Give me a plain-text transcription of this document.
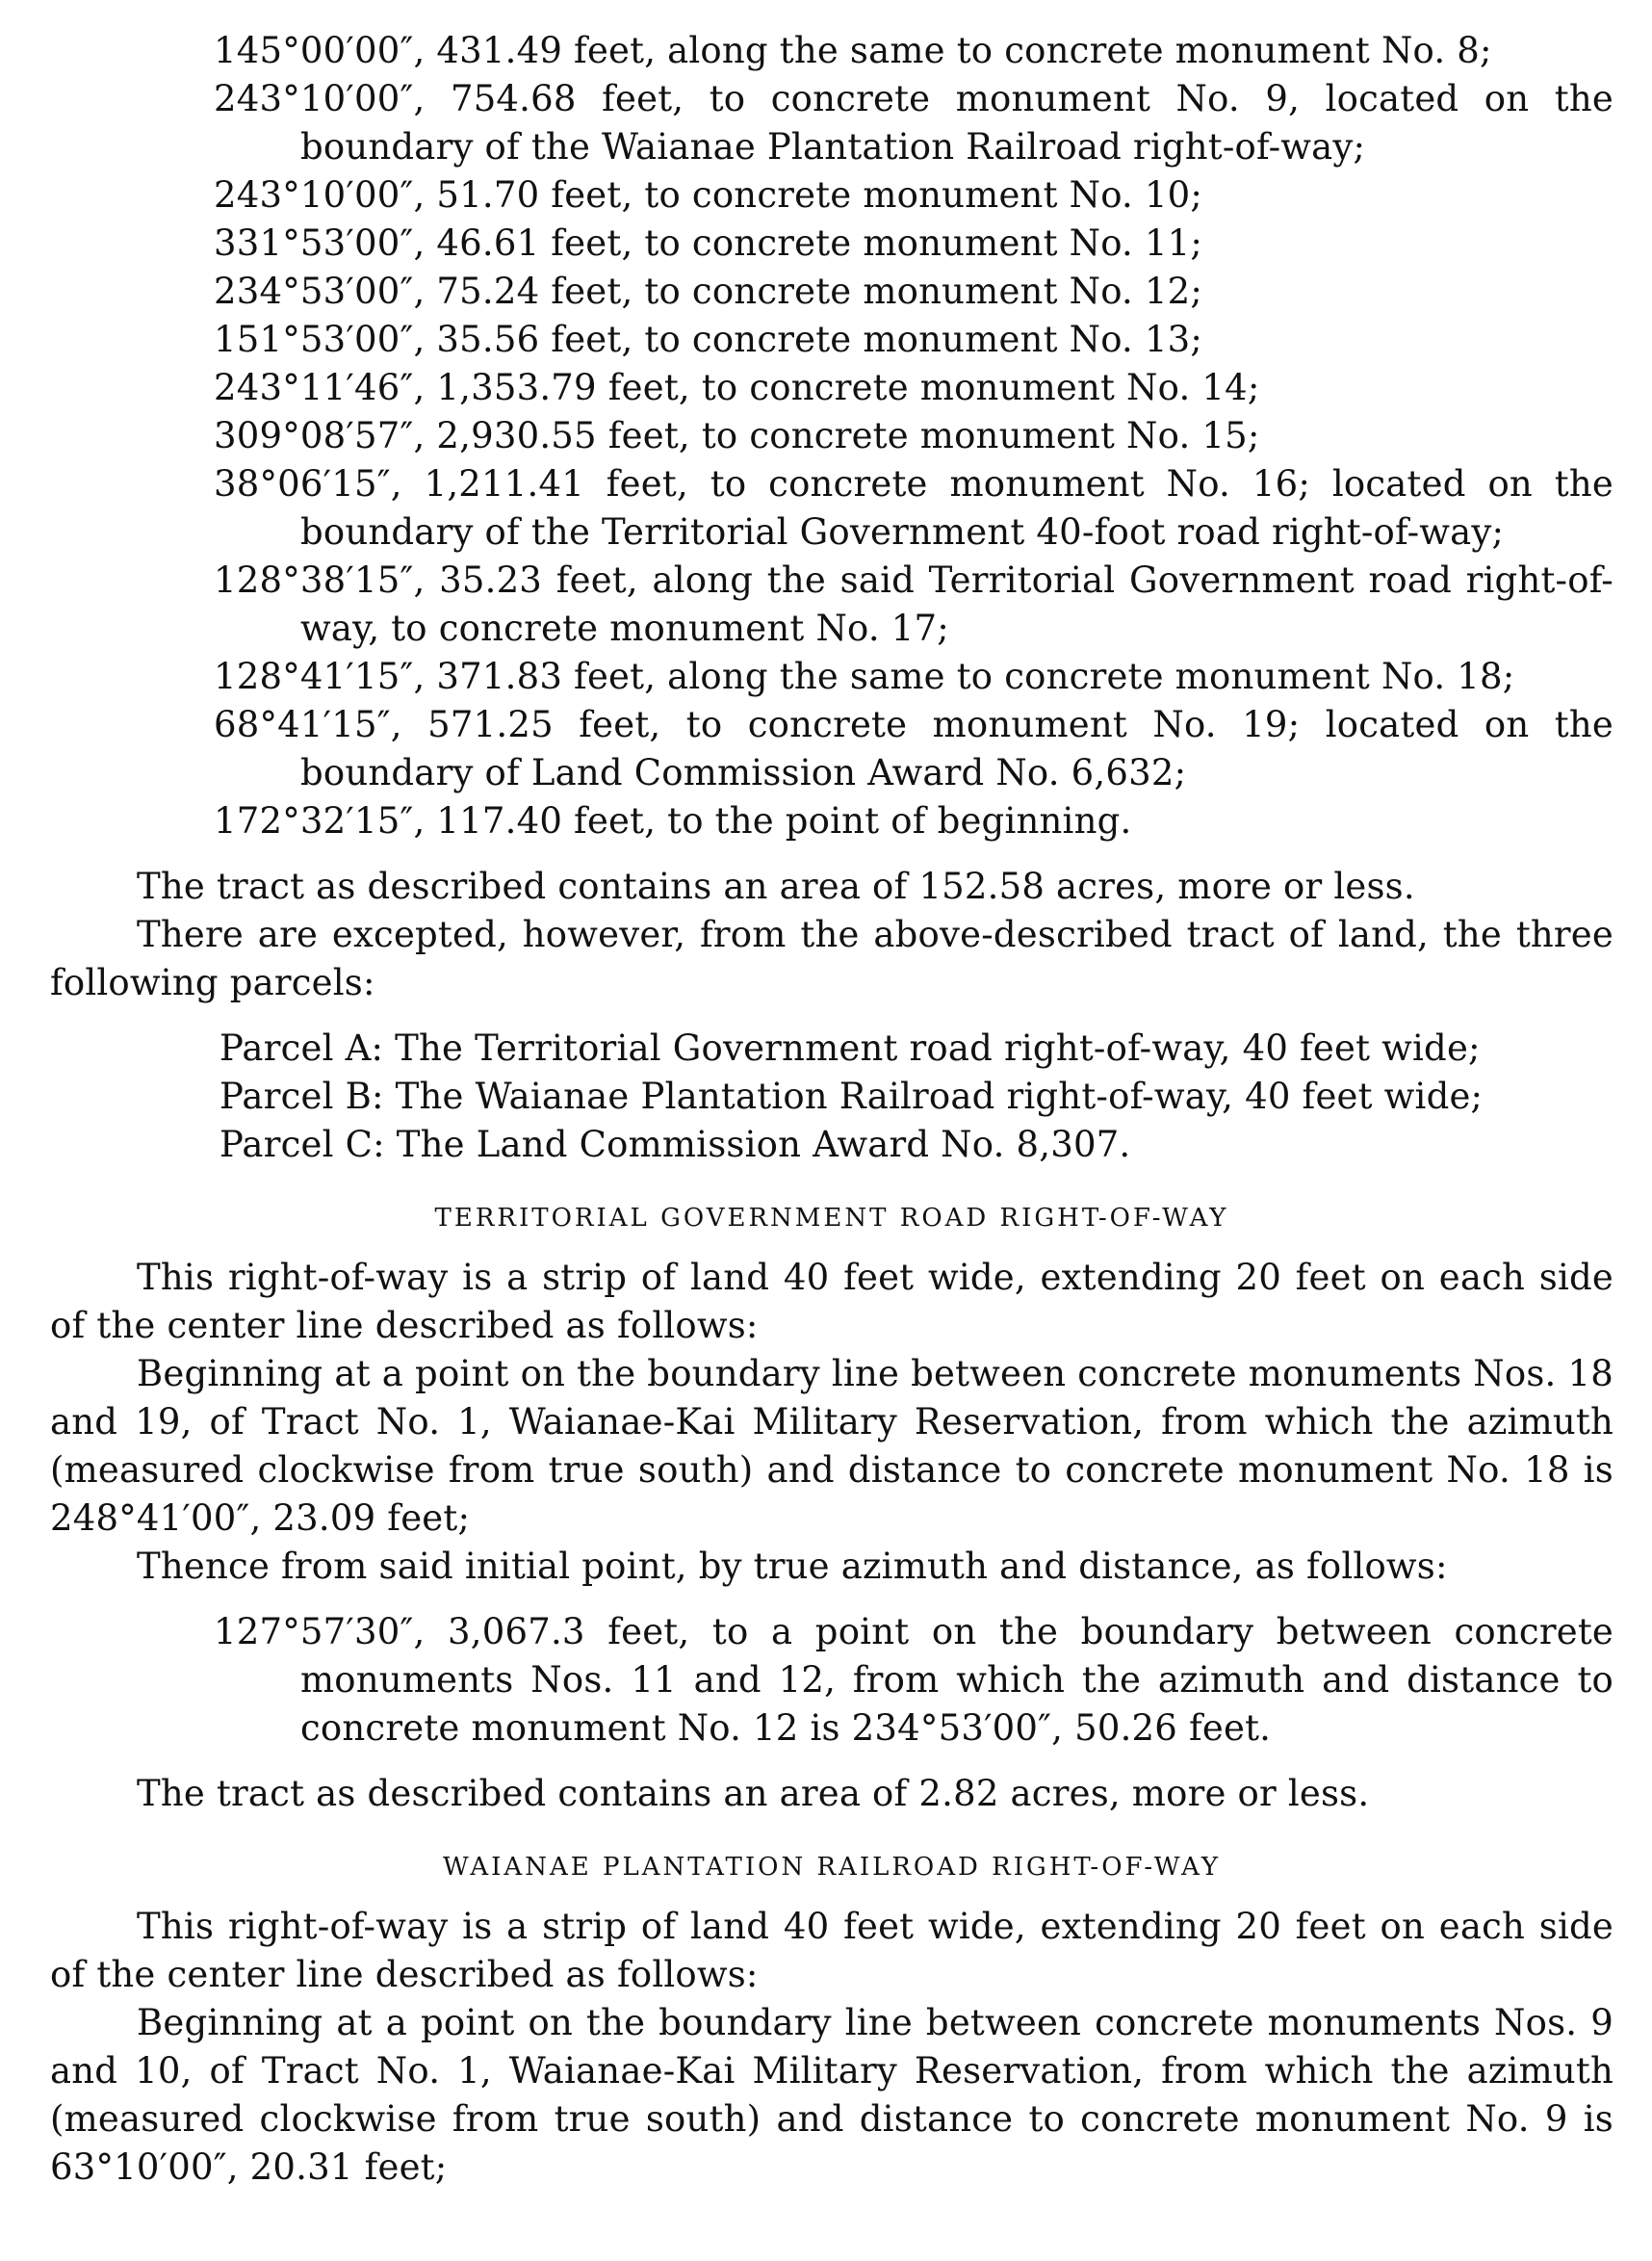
145°00′00″, 431.49 feet, along the same to concrete monument No. 8;
243°10′00″, 754.68 feet, to concrete monument No. 9, located on the boundary of the Waianae Plantation Railroad right-of-way;
243°10′00″, 51.70 feet, to concrete monument No. 10;
331°53′00″, 46.61 feet, to concrete monument No. 11;
234°53′00″, 75.24 feet, to concrete monument No. 12;
151°53′00″, 35.56 feet, to concrete monument No. 13;
243°11′46″, 1,353.79 feet, to concrete monument No. 14;
309°08′57″, 2,930.55 feet, to concrete monument No. 15;
38°06′15″, 1,211.41 feet, to concrete monument No. 16; located on the boundary of the Territorial Government 40-foot road right-of-way;
128°38′15″, 35.23 feet, along the said Territorial Government road right-of-way, to concrete monument No. 17;
128°41′15″, 371.83 feet, along the same to concrete monument No. 18;
68°41′15″, 571.25 feet, to concrete monument No. 19; located on the boundary of Land Commission Award No. 6,632;
172°32′15″, 117.40 feet, to the point of beginning.
The tract as described contains an area of 152.58 acres, more or less.
There are excepted, however, from the above-described tract of land, the three following parcels:
Parcel A: The Territorial Government road right-of-way, 40 feet wide;
Parcel B: The Waianae Plantation Railroad right-of-way, 40 feet wide;
Parcel C: The Land Commission Award No. 8,307.
TERRITORIAL GOVERNMENT ROAD RIGHT-OF-WAY
This right-of-way is a strip of land 40 feet wide, extending 20 feet on each side of the center line described as follows:
Beginning at a point on the boundary line between concrete monuments Nos. 18 and 19, of Tract No. 1, Waianae-Kai Military Reservation, from which the azimuth (measured clockwise from true south) and distance to concrete monument No. 18 is 248°41′00″, 23.09 feet;
Thence from said initial point, by true azimuth and distance, as follows:
127°57′30″, 3,067.3 feet, to a point on the boundary between concrete monuments Nos. 11 and 12, from which the azimuth and distance to concrete monument No. 12 is 234°53′00″, 50.26 feet.
The tract as described contains an area of 2.82 acres, more or less.
WAIANAE PLANTATION RAILROAD RIGHT-OF-WAY
This right-of-way is a strip of land 40 feet wide, extending 20 feet on each side of the center line described as follows:
Beginning at a point on the boundary line between concrete monuments Nos. 9 and 10, of Tract No. 1, Waianae-Kai Military Reservation, from which the azimuth (measured clockwise from true south) and distance to concrete monument No. 9 is 63°10′00″, 20.31 feet;
